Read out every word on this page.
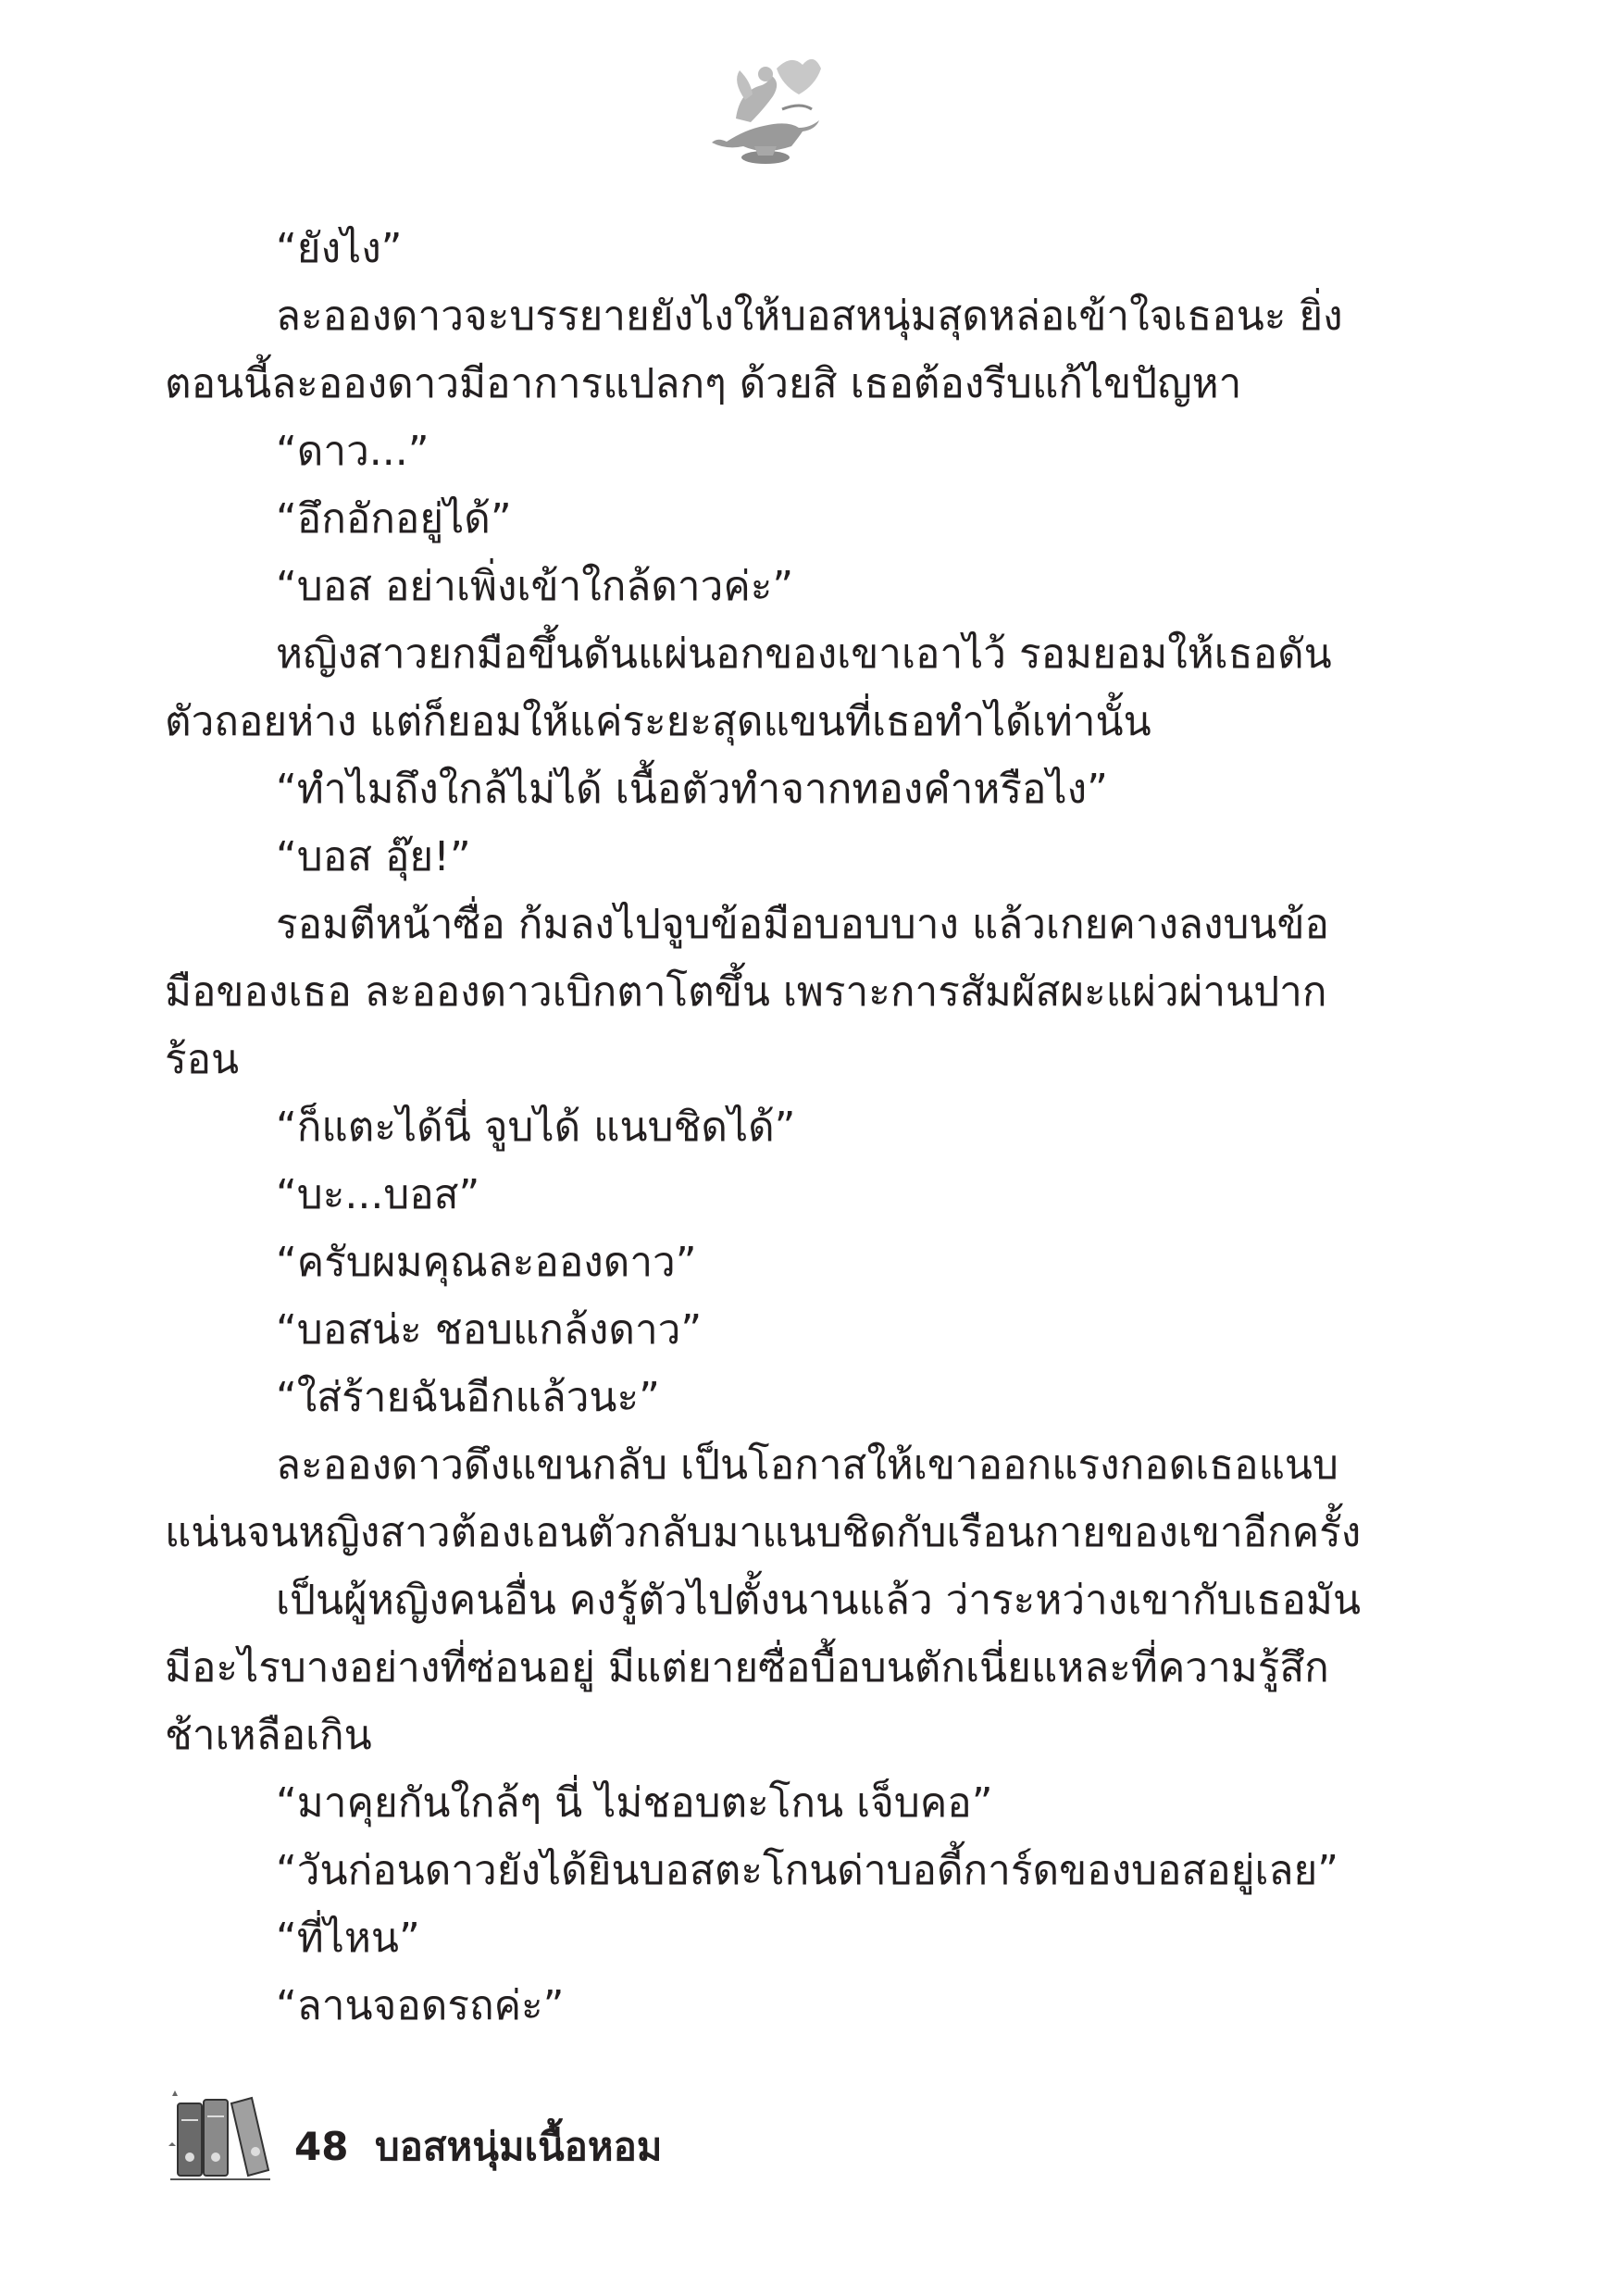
“ยังไง”

ละอองดาวจะบรรยายยังไงให้บอสหนุ่มสุดหล่อเข้าใจเธอนะ ยิ่งตอนนี้ละอองดาวมีอาการแปลกๆ ด้วยสิ เธอต้องรีบแก้ไขปัญหา

“ดาว...”

“อึกอักอยู่ได้”

“บอส อย่าเพิ่งเข้าใกล้ดาวค่ะ”

หญิงสาวยกมือขึ้นดันแผ่นอกของเขาเอาไว้ รอมยอมให้เธอดันตัวถอยห่าง แต่ก็ยอมให้แค่ระยะสุดแขนที่เธอทำได้เท่านั้น

“ทำไมถึงใกล้ไม่ได้ เนื้อตัวทำจากทองคำหรือไง”

“บอส อุ๊ย!”

รอมตีหน้าซื่อ ก้มลงไปจูบข้อมือบอบบาง แล้วเกยคางลงบนข้อมือของเธอ ละอองดาวเบิกตาโตขึ้น เพราะการสัมผัสผะแผ่วผ่านปากร้อน

“ก็แตะได้นี่ จูบได้ แนบชิดได้”

“บะ...บอส”

“ครับผมคุณละอองดาว”

“บอสน่ะ ชอบแกล้งดาว”

“ใส่ร้ายฉันอีกแล้วนะ”

ละอองดาวดึงแขนกลับ เป็นโอกาสให้เขาออกแรงกอดเธอแนบแน่นจนหญิงสาวต้องเอนตัวกลับมาแนบชิดกับเรือนกายของเขาอีกครั้ง

เป็นผู้หญิงคนอื่น คงรู้ตัวไปตั้งนานแล้ว ว่าระหว่างเขากับเธอมันมีอะไรบางอย่างที่ซ่อนอยู่ มีแต่ยายซื่อบื้อบนตักเนี่ยแหละที่ความรู้สึกช้าเหลือเกิน

“มาคุยกันใกล้ๆ นี่ ไม่ชอบตะโกน เจ็บคอ”

“วันก่อนดาวยังได้ยินบอสตะโกนด่าบอดี้การ์ดของบอสอยู่เลย”

“ที่ไหน”

“ลานจอดรถค่ะ”

48 บอสหนุ่มเนื้อหอม
